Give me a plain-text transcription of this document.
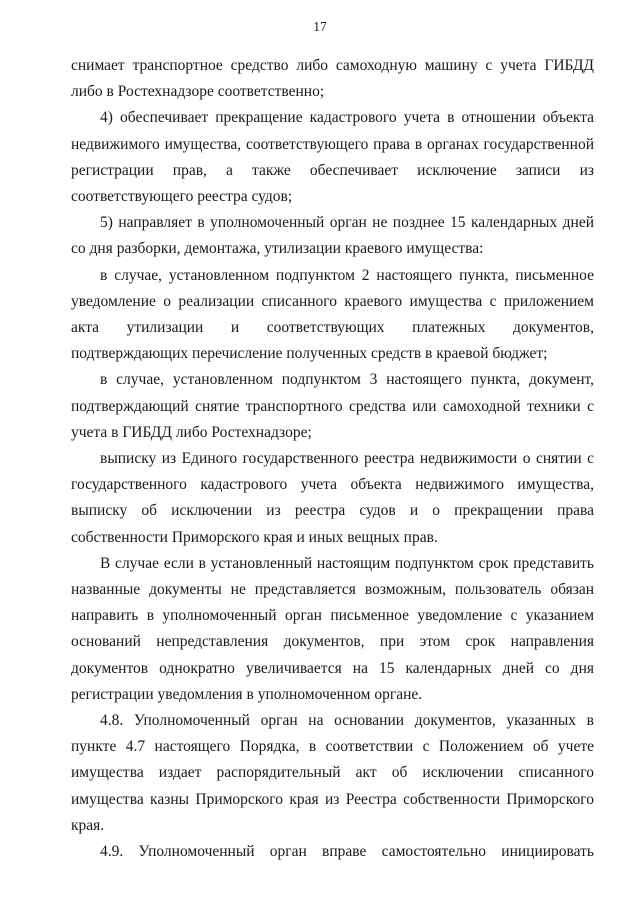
17

снимает транспортное средство либо самоходную машину с учета ГИБДД либо в Ростехнадзоре соответственно;

4) обеспечивает прекращение кадастрового учета в отношении объекта недвижимого имущества, соответствующего права в органах государственной регистрации прав, а также обеспечивает исключение записи из соответствующего реестра судов;

5) направляет в уполномоченный орган не позднее 15 календарных дней со дня разборки, демонтажа, утилизации краевого имущества:

в случае, установленном подпунктом 2 настоящего пункта, письменное уведомление о реализации списанного краевого имущества с приложением акта утилизации и соответствующих платежных документов, подтверждающих перечисление полученных средств в краевой бюджет;

в случае, установленном подпунктом 3 настоящего пункта, документ, подтверждающий снятие транспортного средства или самоходной техники с учета в ГИБДД либо Ростехнадзоре;

выписку из Единого государственного реестра недвижимости о снятии с государственного кадастрового учета объекта недвижимого имущества, выписку об исключении из реестра судов и о прекращении права собственности Приморского края и иных вещных прав.

В случае если в установленный настоящим подпунктом срок представить названные документы не представляется возможным, пользователь обязан направить в уполномоченный орган письменное уведомление с указанием оснований непредставления документов, при этом срок направления документов однократно увеличивается на 15 календарных дней со дня регистрации уведомления в уполномоченном органе.

4.8. Уполномоченный орган на основании документов, указанных в пункте 4.7 настоящего Порядка, в соответствии с Положением об учете имущества издает распорядительный акт об исключении списанного имущества казны Приморского края из Реестра собственности Приморского края.

4.9. Уполномоченный орган вправе самостоятельно инициировать
